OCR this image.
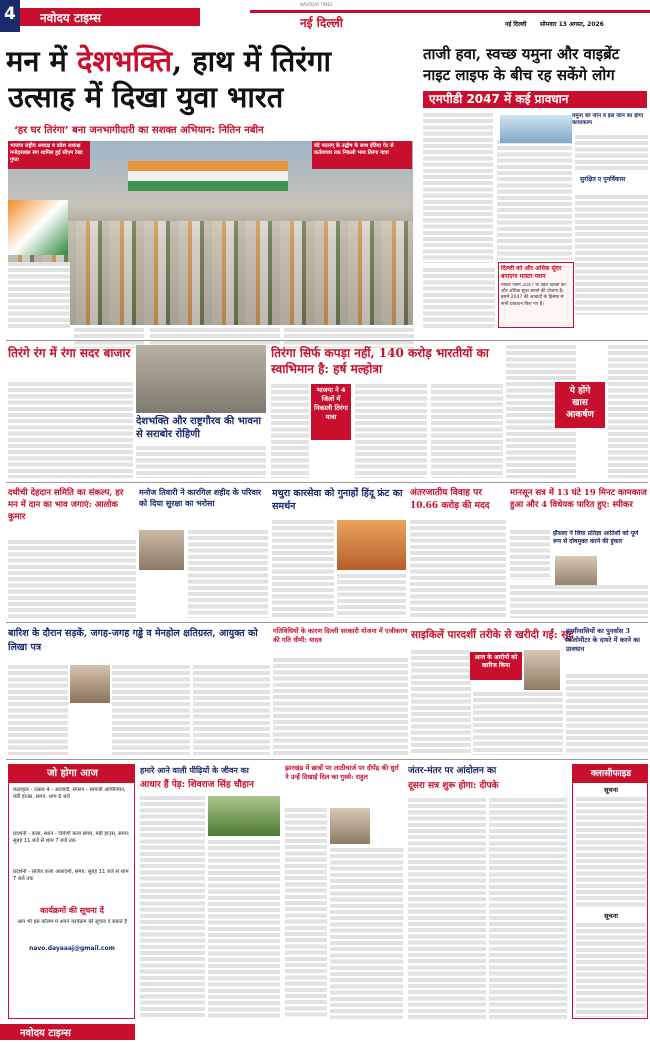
4 नवोदय टाइम्स
NAVODAY TIMES
नई दिल्ली	नई दिल्ली	सोमवार 13 अगस्त, 2026
मन में देशभक्ति, हाथ में तिरंगा
उत्साह में दिखा युवा भारत
‘हर घर तिरंगा’ बना जनभागीदारी का सशक्त अभियान: नितिन नबीन
भाजपा राष्ट्रीय अध्यक्ष व प्रदेश अध्यक्ष मनोहरलाल संग शामिल हुई सीएम रेखा गुप्ता
वंदे मातरम् के उद्घोष के साथ इंडिया गेट से कर्तव्यपथ तक निकली भव्य तिरंगा यात्रा
ताजी हवा, स्वच्छ यमुना और वाइब्रेंट नाइट लाइफ के बीच रह सकेंगे लोग
एमपीडी 2047 में कई प्रावधान
यमुना को जोन व इस जोन का होगा कायाकल्प
सुरक्षित ए पुनर्विकास
दिल्ली को और अधिक सुंदर बनाएगा मास्टर प्लान
मास्टर प्लान 2047 के तहत दिल्ली को और अधिक सुंदर बनाने की योजना है। इसमें 2047 की आबादी के हिसाब से सभी प्रावधान किए गए हैं।
तिरंगे रंग में रंगा सदर बाजार
देशभक्ति और राष्ट्रगौरव की भावना से सराबोर रोहिणी
तिरंगा सिर्फ कपड़ा नहीं, 140 करोड़ भारतीयों का स्वाभिमान है: हर्ष मल्होत्रा
भाजपा ने 4 जिलों में निकाली तिरंगा यात्रा
ये होंगे
खास
आकर्षण
दधीची देहदान समिति का संकल्प, हर मन में दान का भाव जगाएं: आलोक कुमार
मनोज तिवारी ने कारगिल शहीद के परिवार को दिया सुरक्षा का भरोसा
मथुरा कारसेवा को गुनाहों हिंदू फ्रंट का समर्थन
अंतरजातीय विवाह पर 10.66 करोड़ की मदद
मानसून सत्र में 13 घंटे 19 मिनट कामकाज हुआ और 4 विधेयक पारित हुए: स्पीकर
हौंसला ने लिया प्रतिज्ञा आतिशी को पूर्ण रूप से दोषमुक्त करने की हुंकार
बारिश के दौरान सड़कें, जगह-जगह गड्ढे व मेनहोल क्षतिग्रस्त, आयुक्त को लिखा पत्र
गतिविधियों के कारण दिल्ली सरकारी योजना में एजीकरण की गति धीमी: यादव	साइकिलें पारदर्शी तरीके से खरीदी गईं: सूद
आज के आरोपों को खारिज किया
झुग्गीवासियों का पुनर्वास 3 किलोमीटर के दायरे में करने का प्रावधान
जो होगा आज
कलाकृत्र - उत्सव 4 - आजादी, सफान - सामजी ओपिनियन, मंडी हाउस, समय: शाम 6 बजे
प्रदर्शनी - कला, स्थान - त्रिवेणी कला संगम, मंडी हाउस, समय: सुबह 11 बजे से शाम 7 बजे तक
प्रदर्शनी - ललित कला अकादमी, समय: सुबह 11 बजे से शाम 7 बजे तक
कार्यक्रमों की सूचना दें
आप भी इस कॉलम में अपने कार्यक्रम की सूचना दे सकते हैं
navo.dayaaaj@gmail.com
हमारे आने वाली पीढ़ियों के जीवन का
आधार हैं पेड़: शिवराज सिंह चौहान
झारखंड में छात्रों पर लाठीचार्ज पर दीपेंद्र की धुर्रा ने उन्हें दिखाई दिल का गुस्से: राहुल
जंतर-मंतर पर आंदोलन का
दूसरा सत्र शुरू होगा: दीपके
क्लासीफाइड
सूचना
सूचना
नवोदय टाइम्स
